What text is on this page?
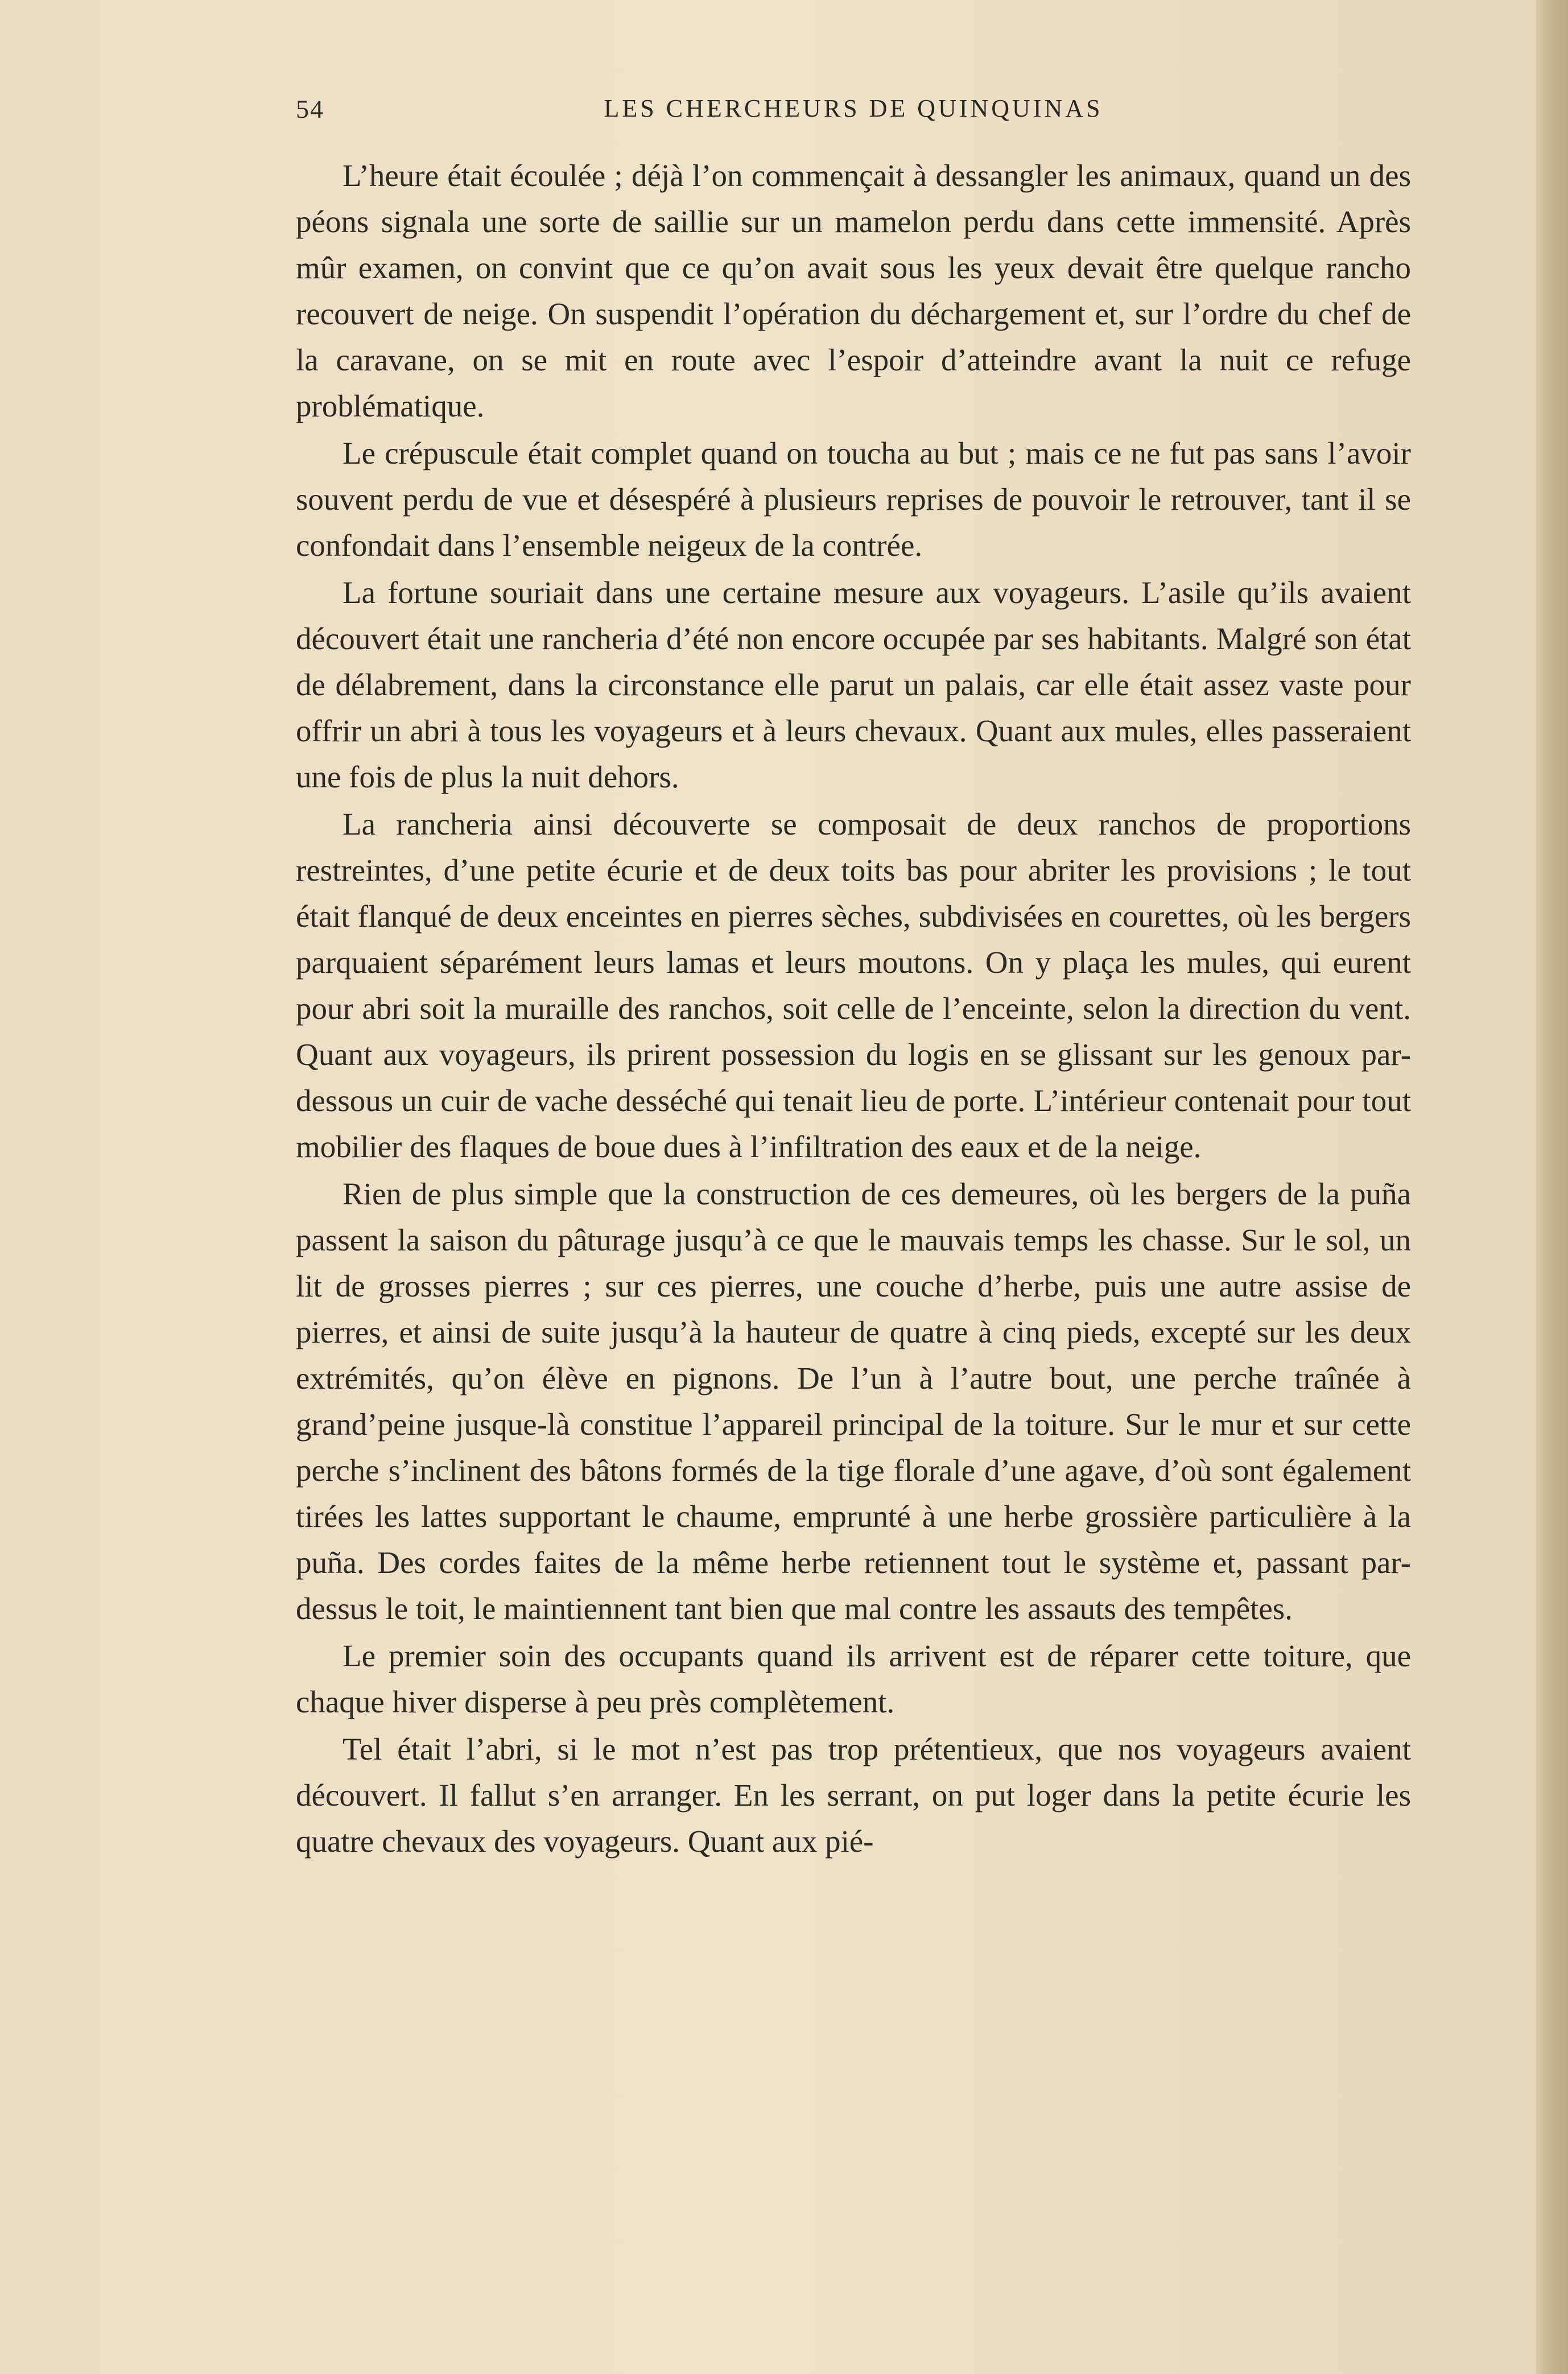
54	LES CHERCHEURS DE QUINQUINAS

L’heure était écoulée ; déjà l’on commençait à dessangler les animaux, quand un des péons signala une sorte de saillie sur un mamelon perdu dans cette immensité. Après mûr examen, on convint que ce qu’on avait sous les yeux devait être quelque rancho recouvert de neige. On suspendit l’opération du déchargement et, sur l’ordre du chef de la caravane, on se mit en route avec l’espoir d’atteindre avant la nuit ce refuge problématique.

Le crépuscule était complet quand on toucha au but ; mais ce ne fut pas sans l’avoir souvent perdu de vue et désespéré à plusieurs reprises de pouvoir le retrouver, tant il se confondait dans l’ensemble neigeux de la contrée.

La fortune souriait dans une certaine mesure aux voyageurs. L’asile qu’ils avaient découvert était une rancheria d’été non encore occupée par ses habitants. Malgré son état de délabrement, dans la circonstance elle parut un palais, car elle était assez vaste pour offrir un abri à tous les voyageurs et à leurs chevaux. Quant aux mules, elles passeraient une fois de plus la nuit dehors.

La rancheria ainsi découverte se composait de deux ranchos de proportions restreintes, d’une petite écurie et de deux toits bas pour abriter les provisions ; le tout était flanqué de deux enceintes en pierres sèches, subdivisées en courettes, où les bergers parquaient séparément leurs lamas et leurs moutons. On y plaça les mules, qui eurent pour abri soit la muraille des ranchos, soit celle de l’enceinte, selon la direction du vent. Quant aux voyageurs, ils prirent possession du logis en se glissant sur les genoux par-dessous un cuir de vache desséché qui tenait lieu de porte. L’intérieur contenait pour tout mobilier des flaques de boue dues à l’infiltration des eaux et de la neige.

Rien de plus simple que la construction de ces demeures, où les bergers de la puña passent la saison du pâturage jusqu’à ce que le mauvais temps les chasse. Sur le sol, un lit de grosses pierres ; sur ces pierres, une couche d’herbe, puis une autre assise de pierres, et ainsi de suite jusqu’à la hauteur de quatre à cinq pieds, excepté sur les deux extrémités, qu’on élève en pignons. De l’un à l’autre bout, une perche traînée à grand’peine jusque-là constitue l’appareil principal de la toiture. Sur le mur et sur cette perche s’inclinent des bâtons formés de la tige florale d’une agave, d’où sont également tirées les lattes supportant le chaume, emprunté à une herbe grossière particulière à la puña. Des cordes faites de la même herbe retiennent tout le système et, passant par-dessus le toit, le maintiennent tant bien que mal contre les assauts des tempêtes.

Le premier soin des occupants quand ils arrivent est de réparer cette toiture, que chaque hiver disperse à peu près complètement.

Tel était l’abri, si le mot n’est pas trop prétentieux, que nos voyageurs avaient découvert. Il fallut s’en arranger. En les serrant, on put loger dans la petite écurie les quatre chevaux des voyageurs. Quant aux pié-
